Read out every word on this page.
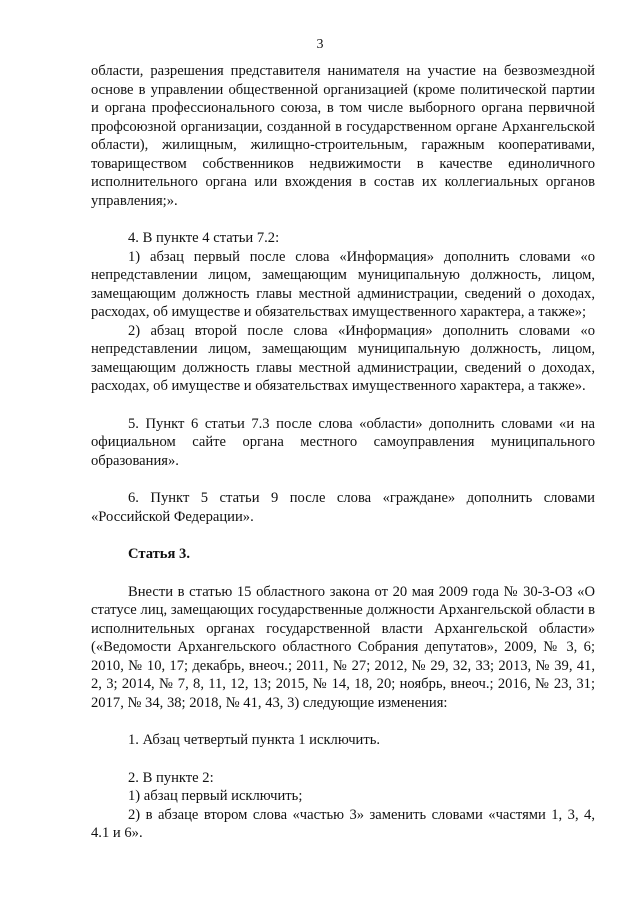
3

области, разрешения представителя нанимателя на участие на безвозмездной основе в управлении общественной организацией (кроме политической партии и органа профессионального союза, в том числе выборного органа первичной профсоюзной организации, созданной в государственном органе Архангельской области), жилищным, жилищно-строительным, гаражным кооперативами, товариществом собственников недвижимости в качестве единоличного исполнительного органа или вхождения в состав их коллегиальных органов управления;».

4. В пункте 4 статьи 7.2:

1) абзац первый после слова «Информация» дополнить словами «о непредставлении лицом, замещающим муниципальную должность, лицом, замещающим должность главы местной администрации, сведений о доходах, расходах, об имуществе и обязательствах имущественного характера, а также»;

2) абзац второй после слова «Информация» дополнить словами «о непредставлении лицом, замещающим муниципальную должность, лицом, замещающим должность главы местной администрации, сведений о доходах, расходах, об имуществе и обязательствах имущественного характера, а также».

5. Пункт 6 статьи 7.3 после слова «области» дополнить словами «и на официальном сайте органа местного самоуправления муниципального образования».

6. Пункт 5 статьи 9 после слова «граждане» дополнить словами «Российской Федерации».

Статья 3.

Внести в статью 15 областного закона от 20 мая 2009 года № 30-3-ОЗ «О статусе лиц, замещающих государственные должности Архангельской области в исполнительных органах государственной власти Архангельской области» («Ведомости Архангельского областного Собрания депутатов», 2009, № 3, 6; 2010, № 10, 17; декабрь, внеоч.; 2011, № 27; 2012, № 29, 32, 33; 2013, № 39, 41, 2, 3; 2014, № 7, 8, 11, 12, 13; 2015, № 14, 18, 20; ноябрь, внеоч.; 2016, № 23, 31; 2017, № 34, 38; 2018, № 41, 43, 3) следующие изменения:

1. Абзац четвертый пункта 1 исключить.

2. В пункте 2:

1) абзац первый исключить;

2) в абзаце втором слова «частью 3» заменить словами «частями 1, 3, 4, 4.1 и 6».
